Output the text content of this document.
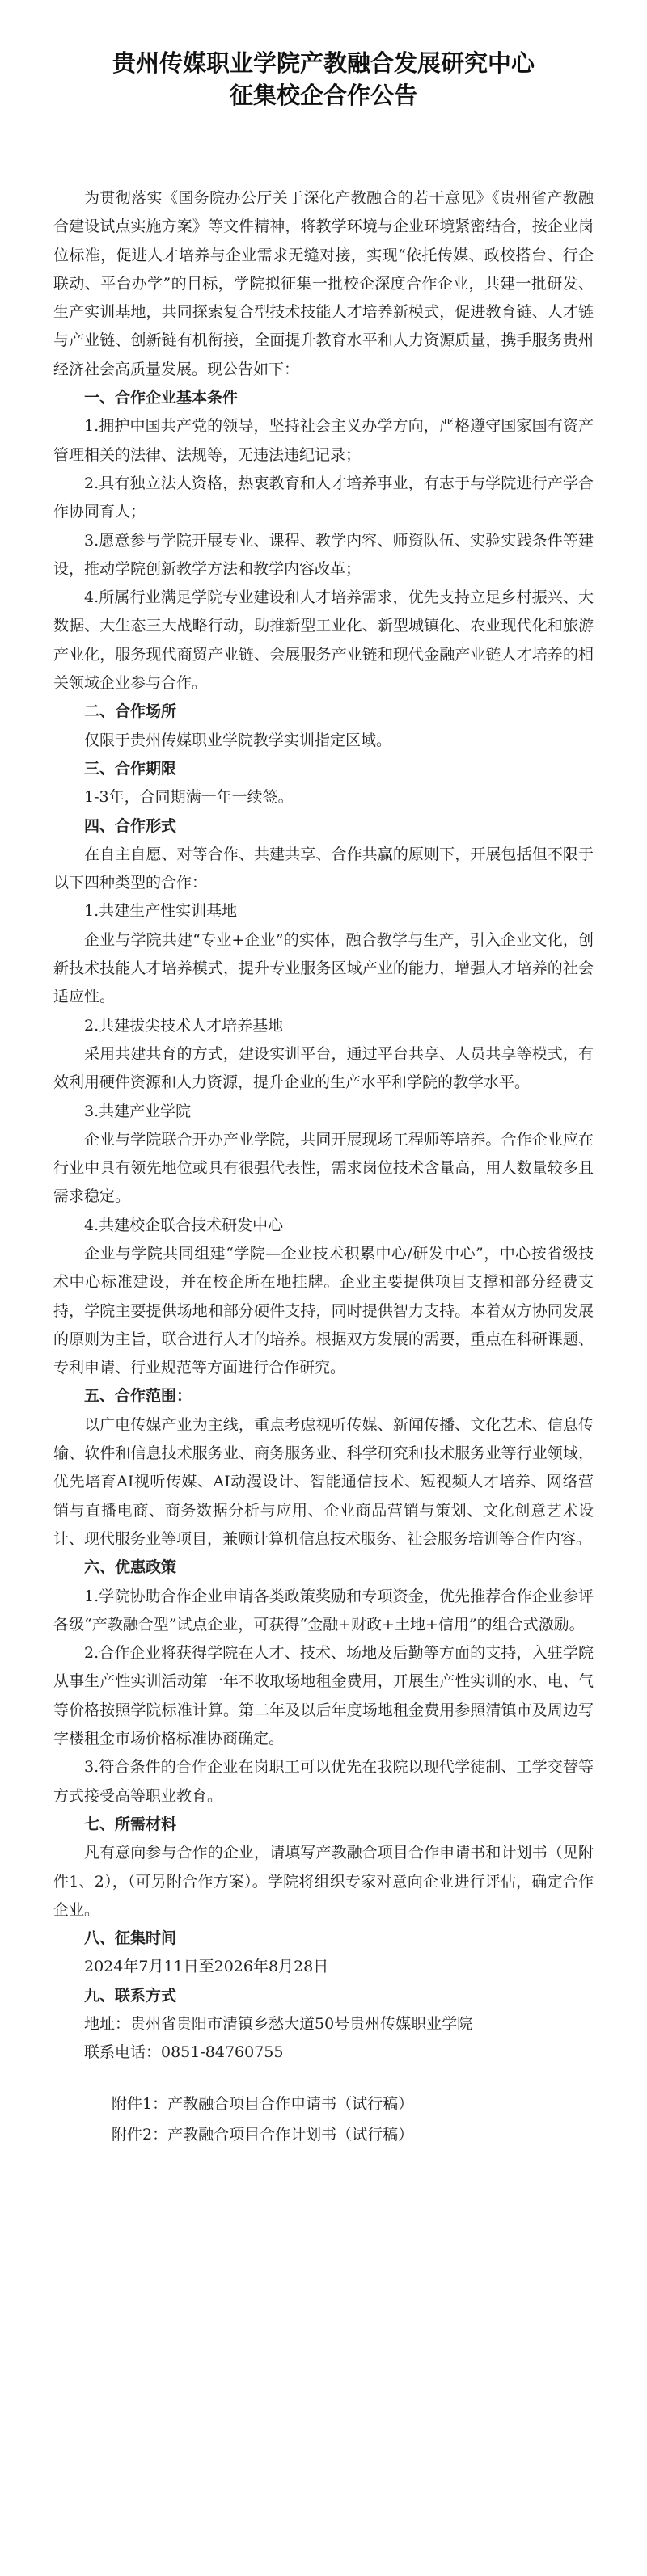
贵州传媒职业学院产教融合发展研究中心
征集校企合作公告

为贯彻落实《国务院办公厅关于深化产教融合的若干意见》《贵州省产教融合建设试点实施方案》等文件精神，将教学环境与企业环境紧密结合，按企业岗位标准，促进人才培养与企业需求无缝对接，实现“依托传媒、政校搭台、行企联动、平台办学”的目标，学院拟征集一批校企深度合作企业，共建一批研发、生产实训基地，共同探索复合型技术技能人才培养新模式，促进教育链、人才链与产业链、创新链有机衔接，全面提升教育水平和人力资源质量，携手服务贵州经济社会高质量发展。现公告如下：

一、合作企业基本条件

1.拥护中国共产党的领导，坚持社会主义办学方向，严格遵守国家国有资产管理相关的法律、法规等，无违法违纪记录；

2.具有独立法人资格，热衷教育和人才培养事业，有志于与学院进行产学合作协同育人；

3.愿意参与学院开展专业、课程、教学内容、师资队伍、实验实践条件等建设，推动学院创新教学方法和教学内容改革；

4.所属行业满足学院专业建设和人才培养需求，优先支持立足乡村振兴、大数据、大生态三大战略行动，助推新型工业化、新型城镇化、农业现代化和旅游产业化，服务现代商贸产业链、会展服务产业链和现代金融产业链人才培养的相关领域企业参与合作。

二、合作场所

仅限于贵州传媒职业学院教学实训指定区域。

三、合作期限

1-3年，合同期满一年一续签。

四、合作形式

在自主自愿、对等合作、共建共享、合作共赢的原则下，开展包括但不限于以下四种类型的合作：

1.共建生产性实训基地

企业与学院共建“专业+企业”的实体，融合教学与生产，引入企业文化，创新技术技能人才培养模式，提升专业服务区域产业的能力，增强人才培养的社会适应性。

2.共建拔尖技术人才培养基地

采用共建共育的方式，建设实训平台，通过平台共享、人员共享等模式，有效利用硬件资源和人力资源，提升企业的生产水平和学院的教学水平。

3.共建产业学院

企业与学院联合开办产业学院，共同开展现场工程师等培养。合作企业应在行业中具有领先地位或具有很强代表性，需求岗位技术含量高，用人数量较多且需求稳定。

4.共建校企联合技术研发中心

企业与学院共同组建“学院—企业技术积累中心/研发中心”，中心按省级技术中心标准建设，并在校企所在地挂牌。企业主要提供项目支撑和部分经费支持，学院主要提供场地和部分硬件支持，同时提供智力支持。本着双方协同发展的原则为主旨，联合进行人才的培养。根据双方发展的需要，重点在科研课题、专利申请、行业规范等方面进行合作研究。

五、合作范围：

以广电传媒产业为主线，重点考虑视听传媒、新闻传播、文化艺术、信息传输、软件和信息技术服务业、商务服务业、科学研究和技术服务业等行业领域，优先培育AI视听传媒、AI动漫设计、智能通信技术、短视频人才培养、网络营销与直播电商、商务数据分析与应用、企业商品营销与策划、文化创意艺术设计、现代服务业等项目，兼顾计算机信息技术服务、社会服务培训等合作内容。

六、优惠政策

1.学院协助合作企业申请各类政策奖励和专项资金，优先推荐合作企业参评各级“产教融合型”试点企业，可获得“金融+财政+土地+信用”的组合式激励。

2.合作企业将获得学院在人才、技术、场地及后勤等方面的支持，入驻学院从事生产性实训活动第一年不收取场地租金费用，开展生产性实训的水、电、气等价格按照学院标准计算。第二年及以后年度场地租金费用参照清镇市及周边写字楼租金市场价格标准协商确定。

3.符合条件的合作企业在岗职工可以优先在我院以现代学徒制、工学交替等方式接受高等职业教育。

七、所需材料

凡有意向参与合作的企业，请填写产教融合项目合作申请书和计划书（见附件1、2），（可另附合作方案）。学院将组织专家对意向企业进行评估，确定合作企业。

八、征集时间

2024年7月11日至2026年8月28日

九、联系方式

地址：贵州省贵阳市清镇乡愁大道50号贵州传媒职业学院

联系电话：0851-84760755

附件1：产教融合项目合作申请书（试行稿）

附件2：产教融合项目合作计划书（试行稿）
